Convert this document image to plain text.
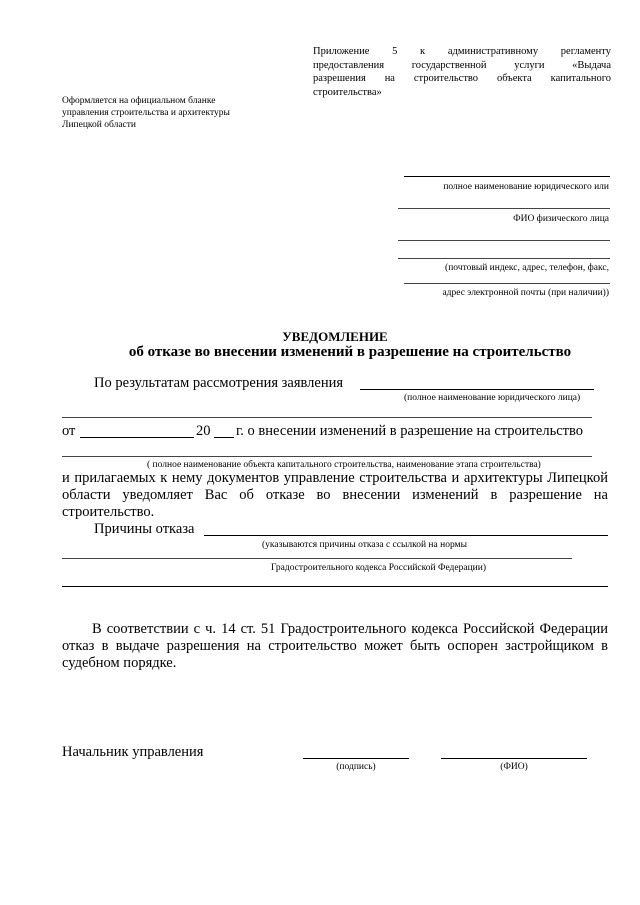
Приложение 5 к административному регламенту
предоставления государственной услуги «Выдача
разрешения на строительство объекта капитального
строительства»
Оформляется на официальном бланке
управления строительства и архитектуры
Липецкой области
полное наименование юридического или
ФИО физического лица
(почтовый индекс, адрес, телефон, факс,
адрес электронной почты (при наличии))
УВЕДОМЛЕНИЕ
об отказе во внесении изменений в разрешение на строительство
По результатам рассмотрения заявления
(полное наименование юридического лица)
от	20 г. о внесении изменений в разрешение на строительство
( полное наименование объекта капитального строительства, наименование этапа строительства)
и прилагаемых к нему документов управление строительства и архитектуры Липецкой области уведомляет Вас об отказе во внесении изменений в разрешение на строительство.
Причины отказа
(указываются причины отказа с ссылкой на нормы
Градостроительного кодекса Российской Федерации)
В соответствии с ч. 14 ст. 51 Градостроительного кодекса Российской Федерации отказ в выдаче разрешения на строительство может быть оспорен застройщиком в судебном порядке.
Начальник управления
(подпись)	(ФИО)
